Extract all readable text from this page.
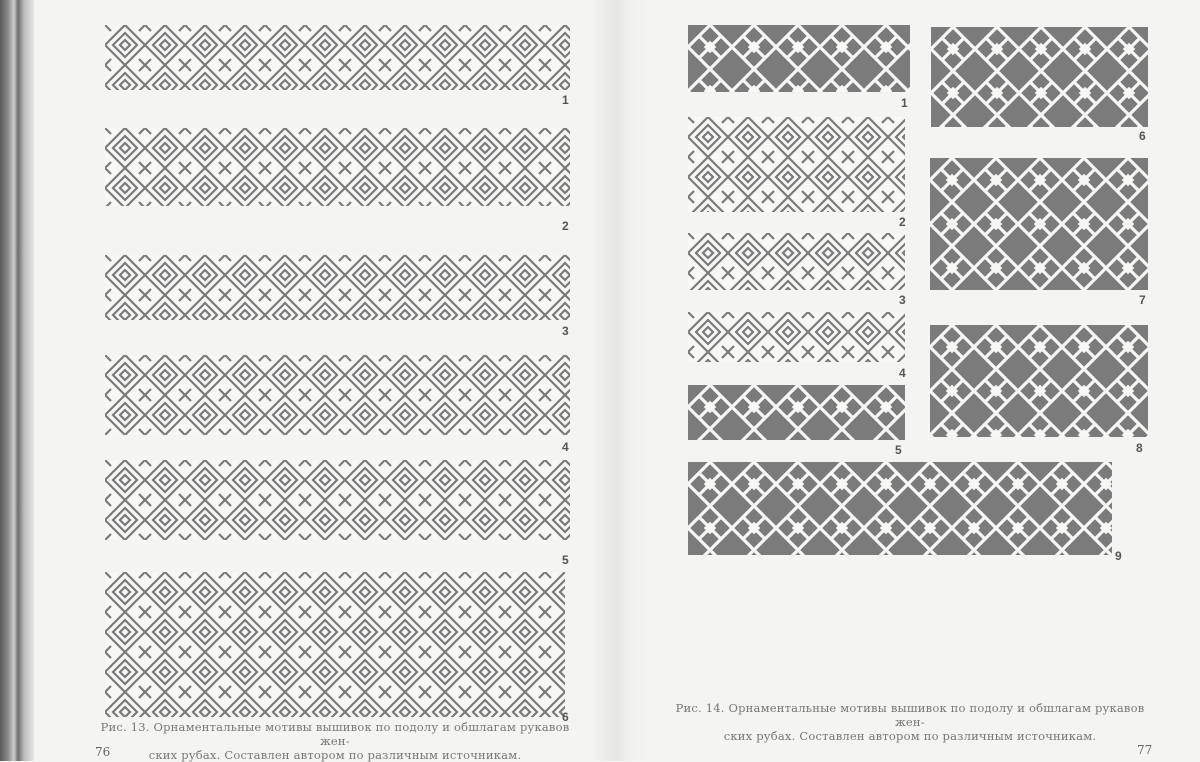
1
2
3
4
5
6
Рис. 13. Орнаментальные мотивы вышивок по подолу и обшлагам рукавов жен-
ских рубах. Составлен автором по различным источникам.
76
1
2
3
4
5
6
7
8
9
Рис. 14. Орнаментальные мотивы вышивок по подолу и обшлагам рукавов жен-
ских рубах. Составлен автором по различным источникам.
77
